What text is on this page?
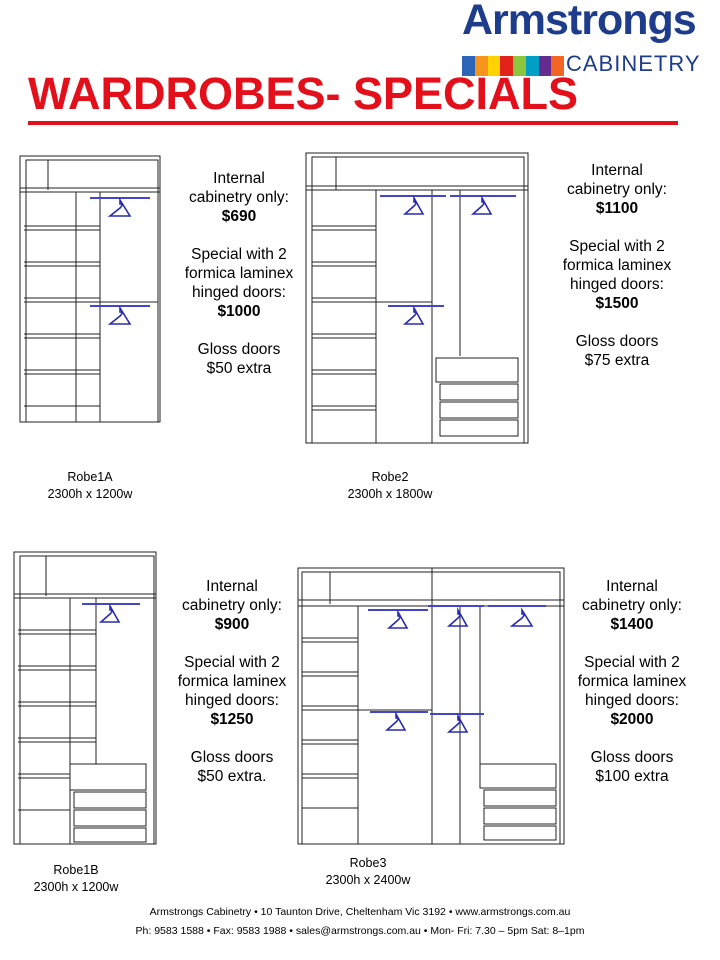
Armstrongs
CABINETRY
WARDROBES- SPECIALS

Internal cabinetry only: $690

Special with 2 formica laminex hinged doors: $1000

Gloss doors $50 extra

Internal cabinetry only: $1100

Special with 2 formica laminex hinged doors: $1500

Gloss doors $75 extra

Internal cabinetry only: $900

Special with 2 formica laminex hinged doors: $1250

Gloss doors $50 extra.

Internal cabinetry only: $1400

Special with 2 formica laminex hinged doors: $2000

Gloss doors $100 extra

Robe1A
2300h x 1200w
Robe2
2300h x 1800w
Robe1B
2300h x 1200w
Robe3
2300h x 2400w
Armstrongs Cabinetry • 10 Taunton Drive, Cheltenham Vic 3192 • www.armstrongs.com.au
Ph: 9583 1588 • Fax: 9583 1988 • sales@armstrongs.com.au • Mon- Fri: 7.30 – 5pm Sat: 8–1pm
